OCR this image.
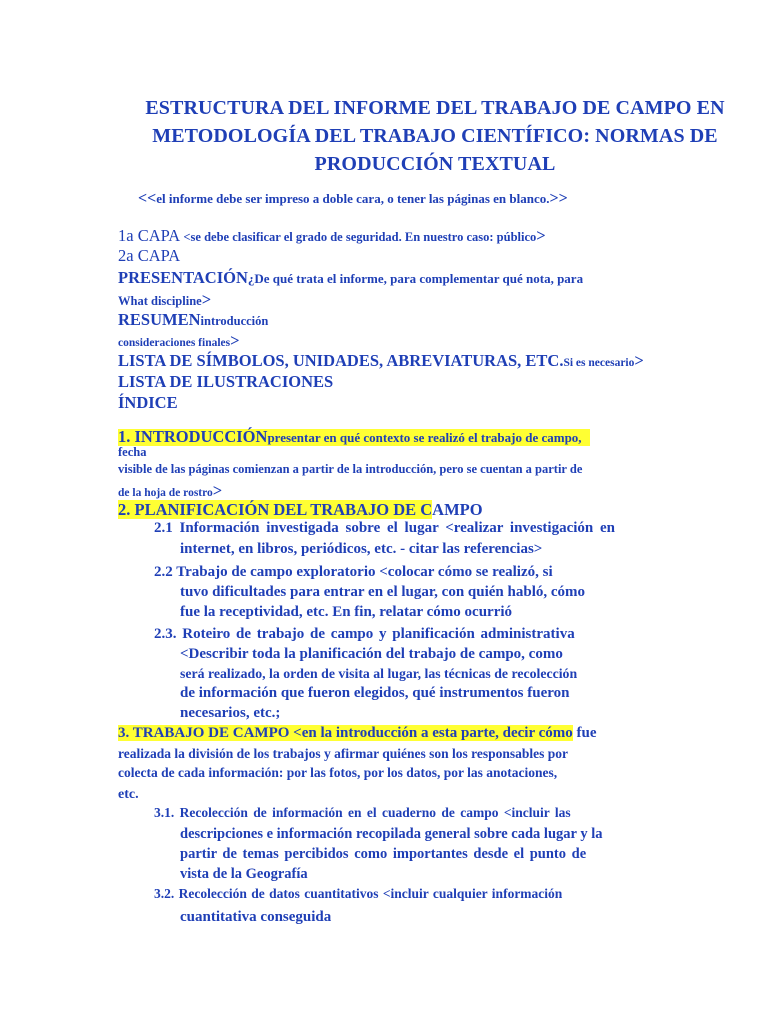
ESTRUCTURA DEL INFORME DEL TRABAJO DE CAMPO EN
METODOLOGÍA DEL TRABAJO CIENTÍFICO: NORMAS DE
PRODUCCIÓN TEXTUAL
<<el informe debe ser impreso a doble cara, o tener las páginas en blanco.>>
1a CAPA <se debe clasificar el grado de seguridad. En nuestro caso: público>
2a CAPA
PRESENTACIÓN¿De qué trata el informe, para complementar qué nota, para
What discipline>
RESUMENintroducción
consideraciones finales>
LISTA DE SÍMBOLOS, UNIDADES, ABREVIATURAS, ETC.Si es necesario>
LISTA DE ILUSTRACIONES
ÍNDICE
1. INTRODUCCIÓNpresentar en qué contexto se realizó el trabajo de campo,
fecha
visible de las páginas comienzan a partir de la introducción, pero se cuentan a partir de
de la hoja de rostro>
2. PLANIFICACIÓN DEL TRABAJO DE CAMPO
2.1 Información investigada sobre el lugar <realizar investigación en
internet, en libros, periódicos, etc. - citar las referencias>
2.2 Trabajo de campo exploratorio <colocar cómo se realizó, si
tuvo dificultades para entrar en el lugar, con quién habló, cómo
fue la receptividad, etc. En fin, relatar cómo ocurrió
2.3. Roteiro de trabajo de campo y planificación administrativa
<Describir toda la planificación del trabajo de campo, como
será realizado, la orden de visita al lugar, las técnicas de recolección
de información que fueron elegidos, qué instrumentos fueron
necesarios, etc.;
3. TRABAJO DE CAMPO <en la introducción a esta parte, decir cómo fue
realizada la división de los trabajos y afirmar quiénes son los responsables por
colecta de cada información: por las fotos, por los datos, por las anotaciones,
etc.
3.1. Recolección de información en el cuaderno de campo <incluir las
descripciones e información recopilada general sobre cada lugar y la
partir de temas percibidos como importantes desde el punto de
vista de la Geografía
3.2. Recolección de datos cuantitativos <incluir cualquier información
cuantitativa conseguida
